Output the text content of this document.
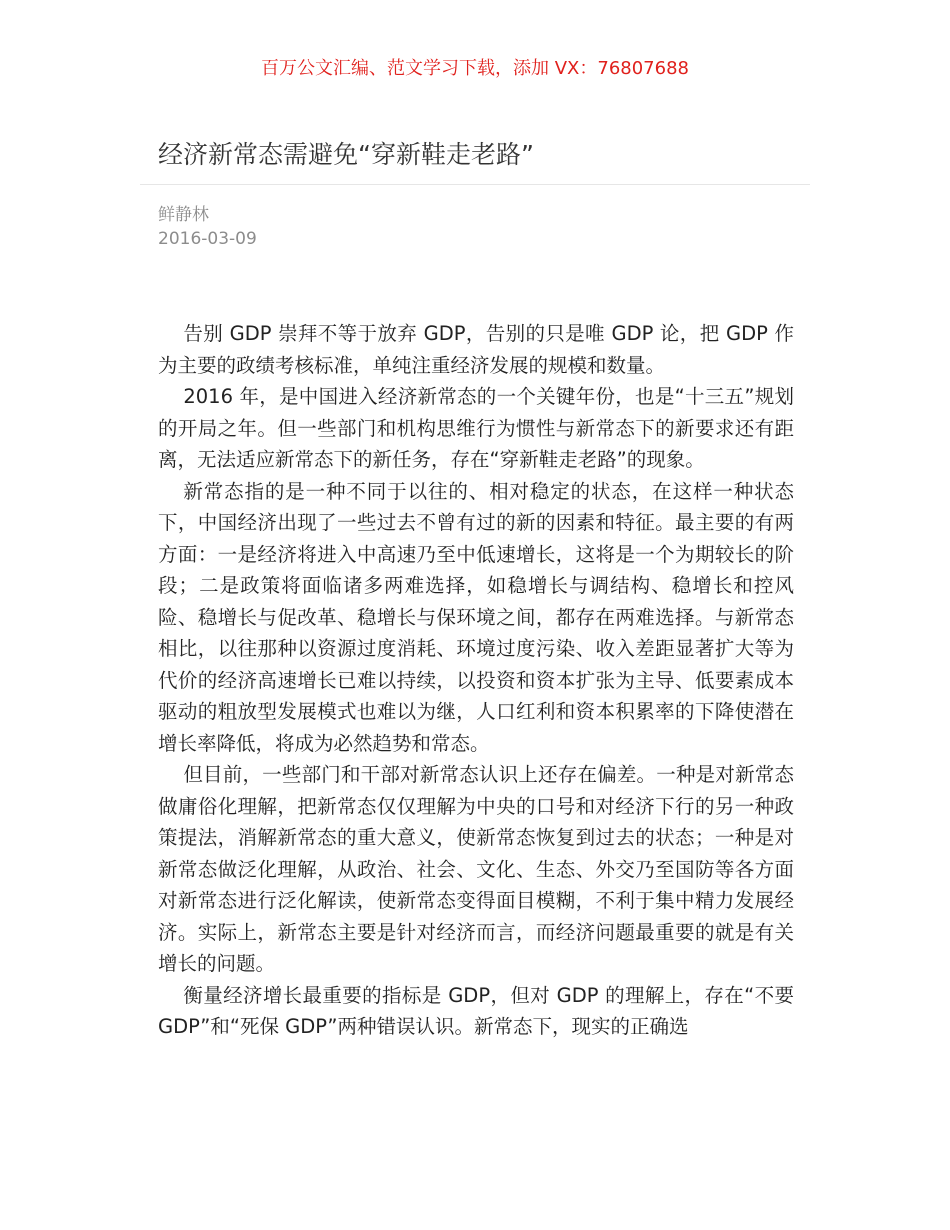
百万公文汇编、范文学习下载，添加 VX：76807688
经济新常态需避免“穿新鞋走老路”
鲜静林
2016-03-09

告别 GDP 崇拜不等于放弃 GDP，告别的只是唯 GDP 论，把 GDP 作为主要的政绩考核标准，单纯注重经济发展的规模和数量。

2016 年，是中国进入经济新常态的一个关键年份，也是“十三五”规划的开局之年。但一些部门和机构思维行为惯性与新常态下的新要求还有距离，无法适应新常态下的新任务，存在“穿新鞋走老路”的现象。

新常态指的是一种不同于以往的、相对稳定的状态，在这样一种状态下，中国经济出现了一些过去不曾有过的新的因素和特征。最主要的有两方面：一是经济将进入中高速乃至中低速增长，这将是一个为期较长的阶段；二是政策将面临诸多两难选择，如稳增长与调结构、稳增长和控风险、稳增长与促改革、稳增长与保环境之间，都存在两难选择。与新常态相比，以往那种以资源过度消耗、环境过度污染、收入差距显著扩大等为代价的经济高速增长已难以持续，以投资和资本扩张为主导、低要素成本驱动的粗放型发展模式也难以为继，人口红利和资本积累率的下降使潜在增长率降低，将成为必然趋势和常态。

但目前，一些部门和干部对新常态认识上还存在偏差。一种是对新常态做庸俗化理解，把新常态仅仅理解为中央的口号和对经济下行的另一种政策提法，消解新常态的重大意义，使新常态恢复到过去的状态；一种是对新常态做泛化理解，从政治、社会、文化、生态、外交乃至国防等各方面对新常态进行泛化解读，使新常态变得面目模糊，不利于集中精力发展经济。实际上，新常态主要是针对经济而言，而经济问题最重要的就是有关增长的问题。

衡量经济增长最重要的指标是 GDP，但对 GDP 的理解上，存在“不要 GDP”和“死保 GDP”两种错误认识。新常态下，现实的正确选
